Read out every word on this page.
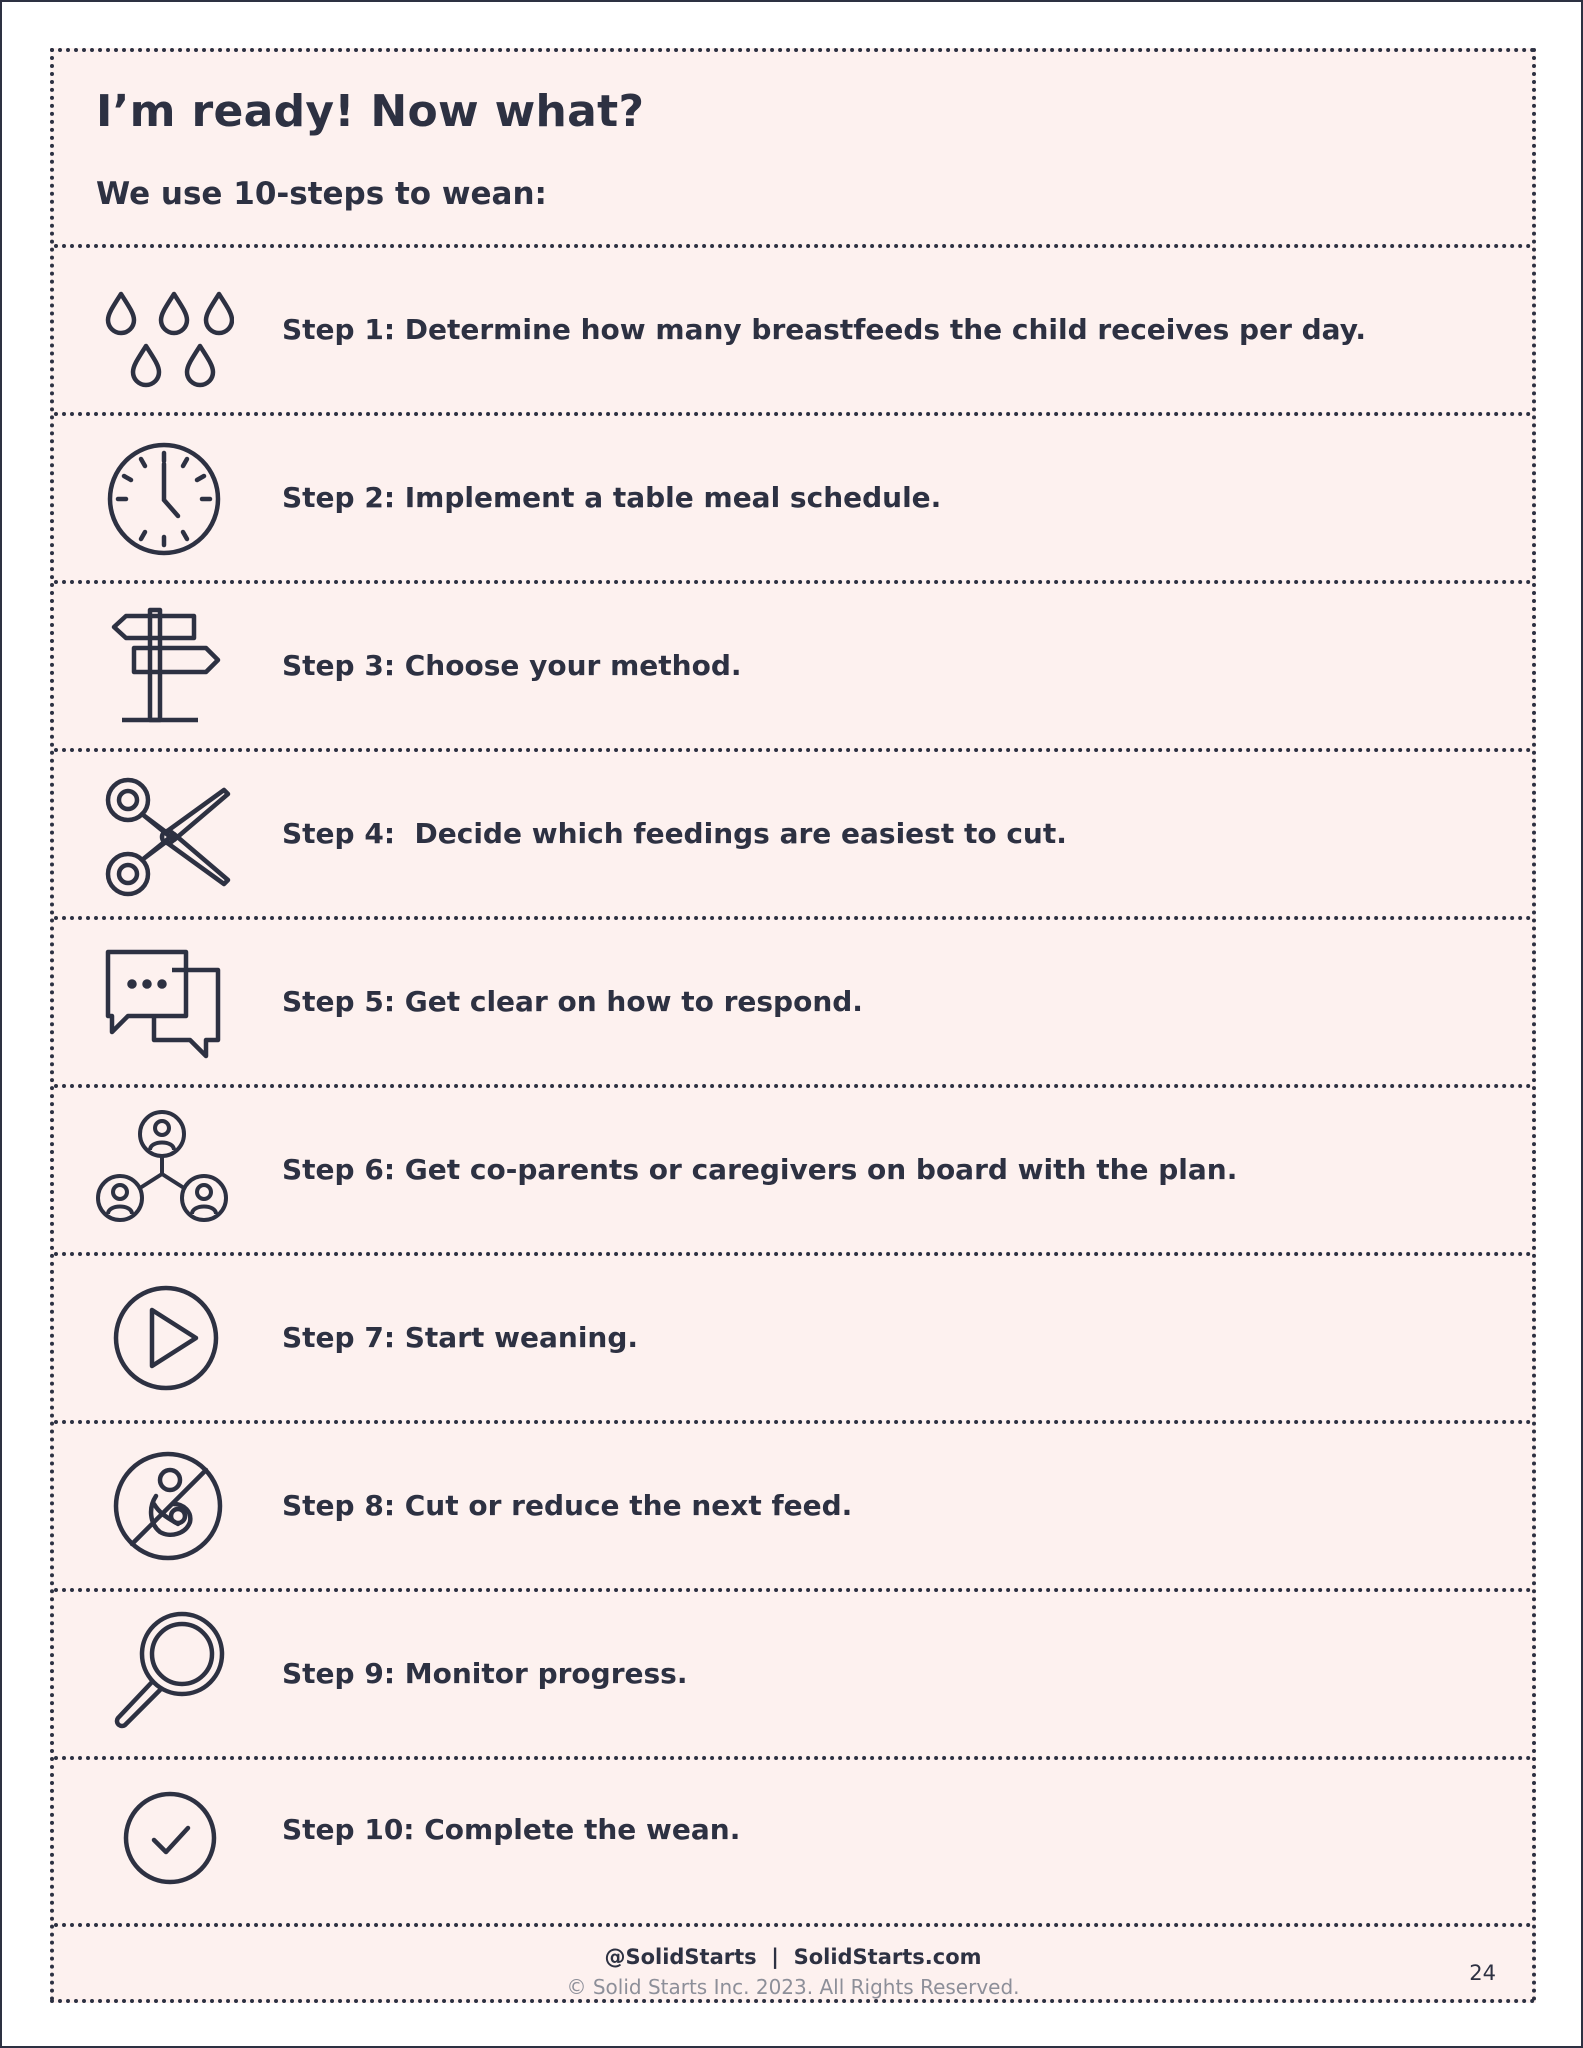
I’m ready! Now what?
We use 10-steps to wean:
Step 1: Determine how many breastfeeds the child receives per day.
Step 2: Implement a table meal schedule.
Step 3: Choose your method.
Step 4:  Decide which feedings are easiest to cut.
Step 5: Get clear on how to respond.
Step 6: Get co-parents or caregivers on board with the plan.
Step 7: Start weaning.
Step 8: Cut or reduce the next feed.
Step 9: Monitor progress.
Step 10: Complete the wean.
@SolidStarts  |  SolidStarts.com
© Solid Starts Inc. 2023. All Rights Reserved.
24
